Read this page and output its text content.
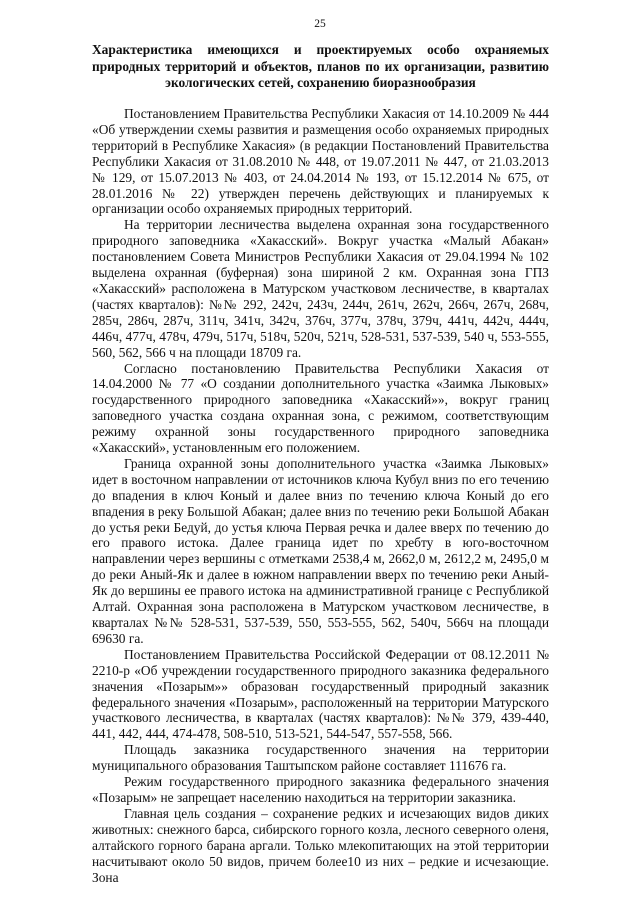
25
Характеристика имеющихся и проектируемых особо охраняемых природных территорий и объектов, планов по их организации, развитию экологических сетей, сохранению биоразнообразия

Постановлением Правительства Республики Хакасия от 14.10.2009 № 444 «Об утверждении схемы развития и размещения особо охраняемых природных территорий в Республике Хакасия» (в редакции Постановлений Правительства Республики Хакасия от 31.08.2010 № 448, от 19.07.2011 № 447, от 21.03.2013 № 129, от 15.07.2013 № 403, от 24.04.2014 № 193, от 15.12.2014 № 675, от 28.01.2016 № 22) утвержден перечень действующих и планируемых к организации особо охраняемых природных территорий.

На территории лесничества выделена охранная зона государственного природного заповедника «Хакасский». Вокруг участка «Малый Абакан» постановлением Совета Министров Республики Хакасия от 29.04.1994 № 102 выделена охранная (буферная) зона шириной 2 км. Охранная зона ГПЗ «Хакасский» расположена в Матурском участковом лесничестве, в кварталах (частях кварталов): №№ 292, 242ч, 243ч, 244ч, 261ч, 262ч, 266ч, 267ч, 268ч, 285ч, 286ч, 287ч, 311ч, 341ч, 342ч, 376ч, 377ч, 378ч, 379ч, 441ч, 442ч, 444ч, 446ч, 477ч, 478ч, 479ч, 517ч, 518ч, 520ч, 521ч, 528-531, 537-539, 540 ч, 553-555, 560, 562, 566 ч на площади 18709 га.

Согласно постановлению Правительства Республики Хакасия от 14.04.2000 № 77 «О создании дополнительного участка «Заимка Лыковых» государственного природного заповедника «Хакасский»», вокруг границ заповедного участка создана охранная зона, с режимом, соответствующим режиму охранной зоны государственного природного заповедника «Хакасский», установленным его положением.

Граница охранной зоны дополнительного участка «Заимка Лыковых» идет в восточном направлении от источников ключа Кубул вниз по его течению до впадения в ключ Коный и далее вниз по течению ключа Коный до его впадения в реку Большой Абакан; далее вниз по течению реки Большой Абакан до устья реки Бедуй, до устья ключа Первая речка и далее вверх по течению до его правого истока. Далее граница идет по хребту в юго-восточном направлении через вершины с отметками 2538,4 м, 2662,0 м, 2612,2 м, 2495,0 м до реки Аный-Як и далее в южном направлении вверх по течению реки Аный-Як до вершины ее правого истока на административной границе с Республикой Алтай. Охранная зона расположена в Матурском участковом лесничестве, в кварталах №№ 528-531, 537-539, 550, 553-555, 562, 540ч, 566ч на площади 69630 га.

Постановлением Правительства Российской Федерации от 08.12.2011 № 2210-р «Об учреждении государственного природного заказника федерального значения «Позарым»» образован государственный природный заказник федерального значения «Позарым», расположенный на территории Матурского участкового лесничества, в кварталах (частях кварталов): №№ 379, 439-440, 441, 442, 444, 474-478, 508-510, 513-521, 544-547, 557-558, 566.

Площадь заказника государственного значения на территории муниципального образования Таштыпском районе составляет 111676 га.

Режим государственного природного заказника федерального значения «Позарым» не запрещает населению находиться на территории заказника.

Главная цель создания – сохранение редких и исчезающих видов диких животных: снежного барса, сибирского горного козла, лесного северного оленя, алтайского горного барана аргали. Только млекопитающих на этой территории насчитывают около 50 видов, причем более10 из них – редкие и исчезающие. Зона
